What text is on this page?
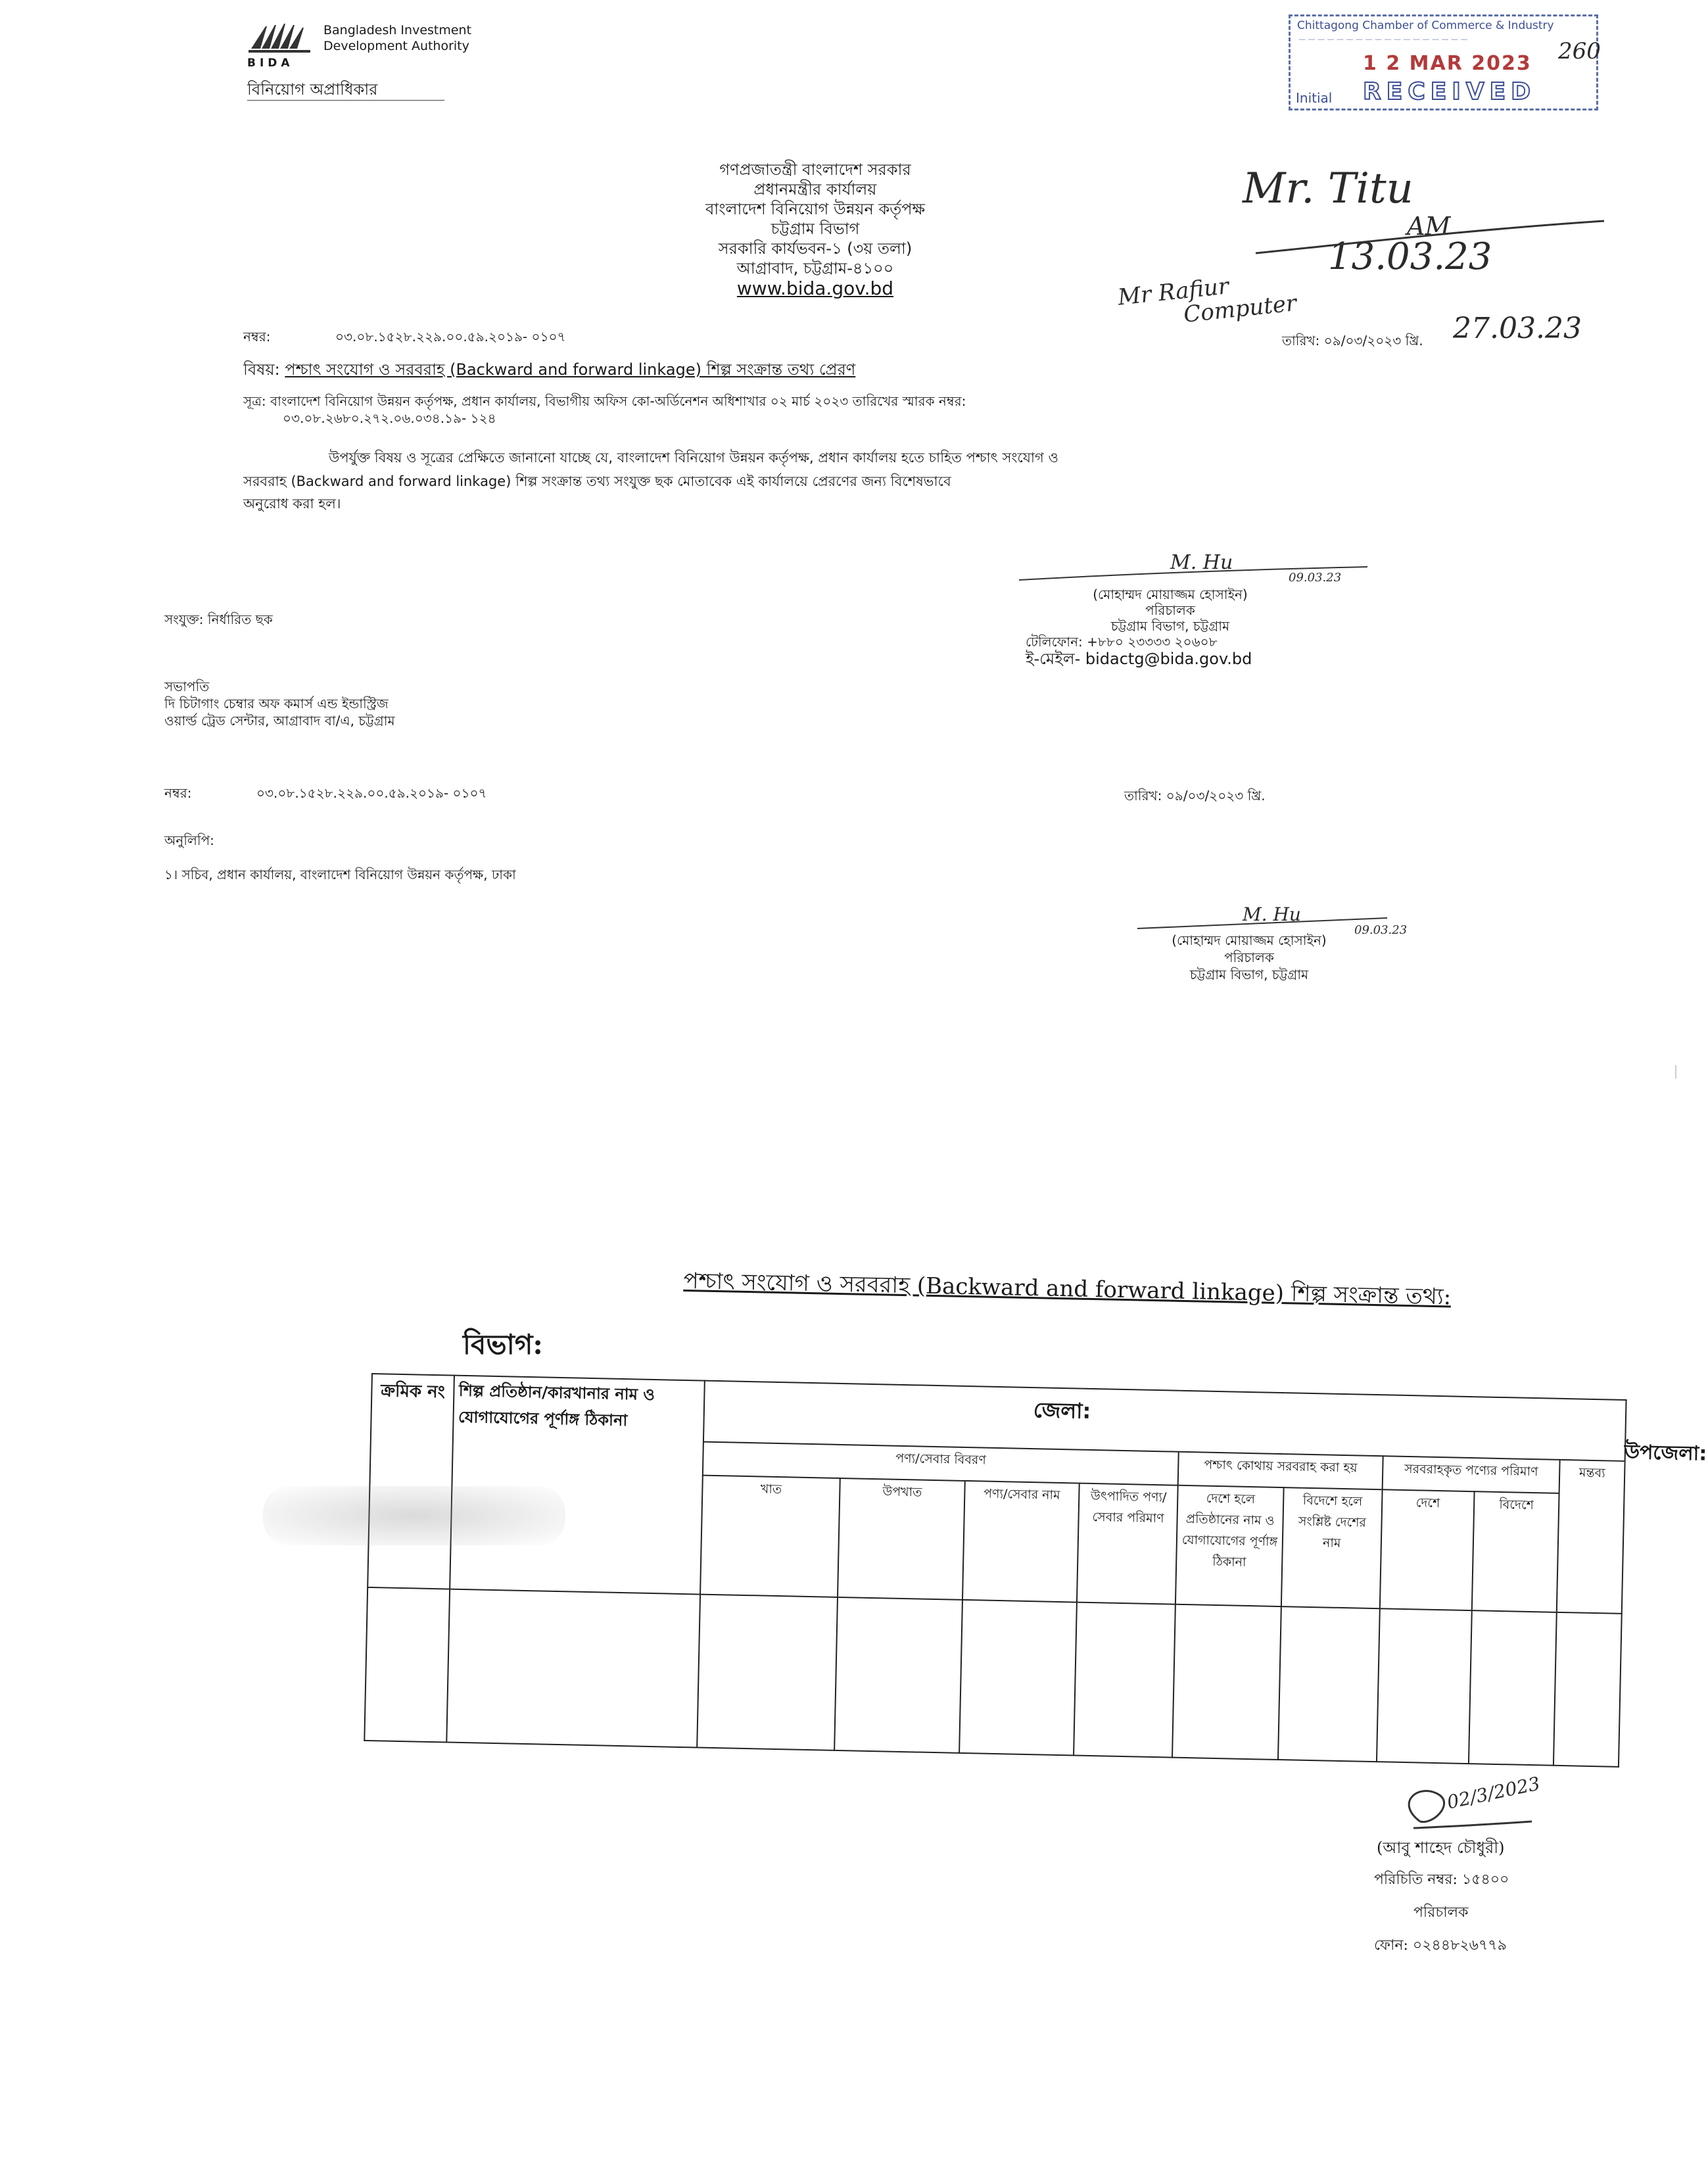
BIDA
Bangladesh Investment
Development Authority
বিনিয়োগ অপ্রাধিকার
Chittagong Chamber of Commerce & Industry
— — — — — — — — — — — — — — — — — —
1 2 MAR 2023
RECEIVED
Initial
260
গণপ্রজাতন্ত্রী বাংলাদেশ সরকার
প্রধানমন্ত্রীর কার্যালয়
বাংলাদেশ বিনিয়োগ উন্নয়ন কর্তৃপক্ষ
চট্টগ্রাম বিভাগ
সরকারি কার্যভবন-১ (৩য় তলা)
আগ্রাবাদ, চট্টগ্রাম-৪১০০
www.bida.gov.bd
Mr. Titu
AM
13.03.23
Mr Rafiur
Computer
27.03.23
নম্বর:	০৩.০৮.১৫২৮.২২৯.০০.৫৯.২০১৯- ০১০৭	তারিখ: ০৯/০৩/২০২৩ খ্রি.
বিষয়: পশ্চাৎ সংযোগ ও সরবরাহ (Backward and forward linkage) শিল্প সংক্রান্ত তথ্য প্রেরণ
সূত্র: বাংলাদেশ বিনিয়োগ উন্নয়ন কর্তৃপক্ষ, প্রধান কার্যালয়, বিভাগীয় অফিস কো-অর্ডিনেশন অধিশাখার ০২ মার্চ ২০২৩ তারিখের স্মারক নম্বর:
০৩.০৮.২৬৮০.২৭২.০৬.০৩৪.১৯- ১২৪
উপর্যুক্ত বিষয় ও সূত্রের প্রেক্ষিতে জানানো যাচ্ছে যে, বাংলাদেশ বিনিয়োগ উন্নয়ন কর্তৃপক্ষ, প্রধান কার্যালয় হতে চাহিত পশ্চাৎ সংযোগ ও
সরবরাহ (Backward and forward linkage) শিল্প সংক্রান্ত তথ্য সংযুক্ত ছক মোতাবেক এই কার্যালয়ে প্রেরণের জন্য বিশেষভাবে
অনুরোধ করা হল।
M. Hu
09.03.23
(মোহাম্মদ মোয়াজ্জম হোসাইন)
পরিচালক
চট্টগ্রাম বিভাগ, চট্টগ্রাম
টেলিফোন: +৮৮০ ২৩৩৩৩ ২০৬০৮
ই-মেইল- bidactg@bida.gov.bd
সংযুক্ত: নির্ধারিত ছক
সভাপতি
দি চিটাগাং চেম্বার অফ কমার্স এন্ড ইন্ডাস্ট্রিজ
ওয়ার্ল্ড ট্রেড সেন্টার, আগ্রাবাদ বা/এ, চট্টগ্রাম
নম্বর:	০৩.০৮.১৫২৮.২২৯.০০.৫৯.২০১৯- ০১০৭	তারিখ: ০৯/০৩/২০২৩ খ্রি.
অনুলিপি:
১। সচিব, প্রধান কার্যালয়, বাংলাদেশ বিনিয়োগ উন্নয়ন কর্তৃপক্ষ, ঢাকা
M. Hu
09.03.23
(মোহাম্মদ মোয়াজ্জম হোসাইন)
পরিচালক
চট্টগ্রাম বিভাগ, চট্টগ্রাম
পশ্চাৎ সংযোগ ও সরবরাহ (Backward and forward linkage) শিল্প সংক্রান্ত তথ্য:
বিভাগ:
ক্রমিক নং	শিল্প প্রতিষ্ঠান/কারখানার নাম ও যোগাযোগের পূর্ণাঙ্গ ঠিকানা	জেলা:
উপজেলা:								

		পণ্য/সেবার বিবরণ				পশ্চাৎ কোথায় সরবরাহ করা হয়		সরবরাহকৃত পণ্যের পরিমাণ		মন্তব্য
		খাত	উপখাত	পণ্য/সেবার নাম	উৎপাদিত পণ্য/সেবার পরিমাণ	দেশে হলে প্রতিষ্ঠানের নাম ও যোগাযোগের পূর্ণাঙ্গ ঠিকানা	বিদেশে হলে সংশ্লিষ্ট দেশের নাম	দেশে	বিদেশে	

02/3/2023
(আবু শাহেদ চৌধুরী)
পরিচিতি নম্বর: ১৫৪০০
পরিচালক
ফোন: ০২৪৪৮২৬৭৭৯
